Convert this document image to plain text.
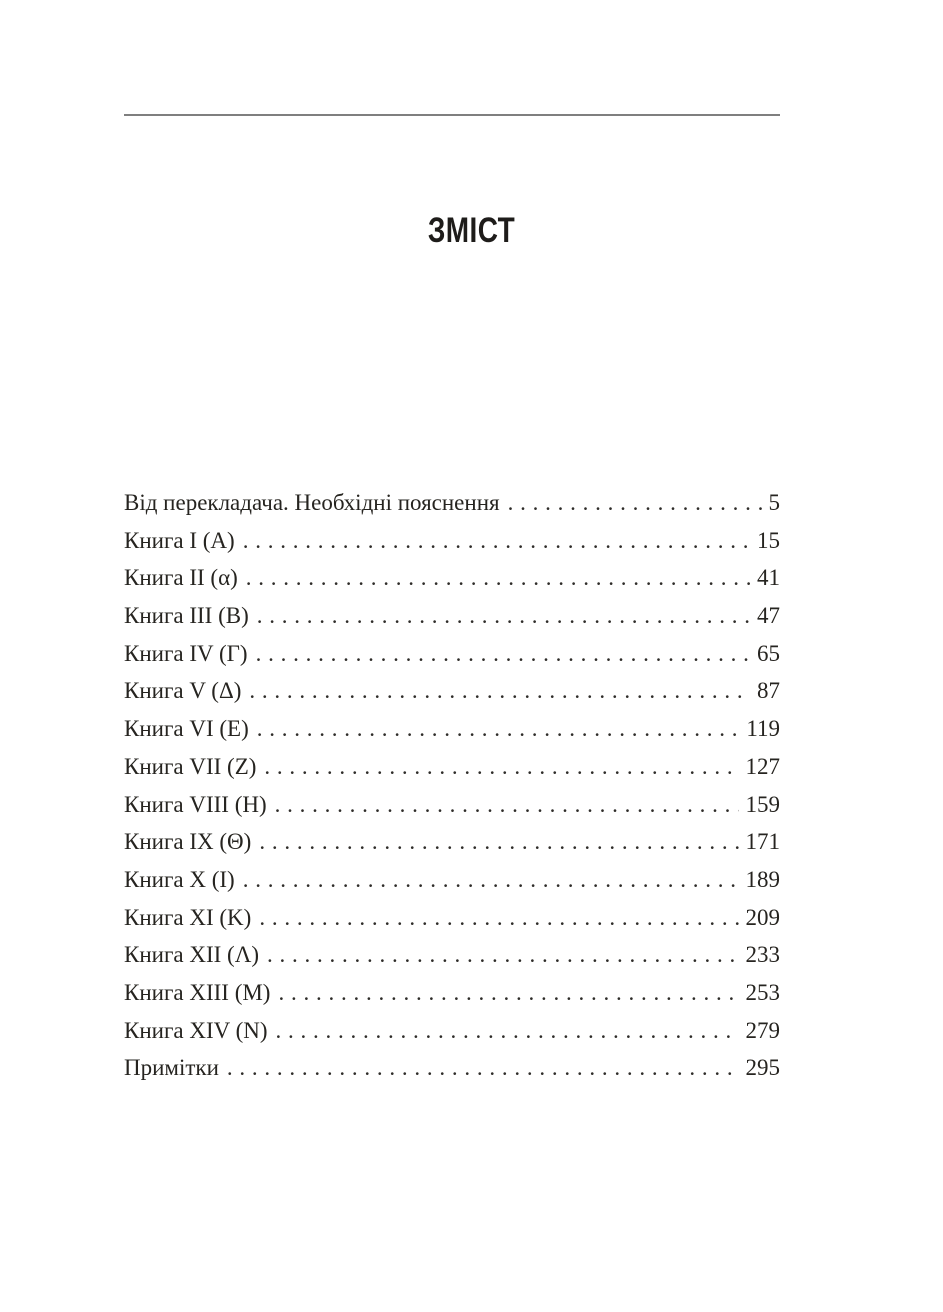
ЗМІСТ
Від перекладача. Необхідні пояснення . . .	5
Книга I (Α) . . .	15
Книга II (α) . . .	41
Книга III (Β) . . .	47
Книга IV (Γ) . . .	65
Книга V (Δ) . . .	87
Книга VI (Ε) . . .	119
Книга VII (Ζ) . . .	127
Книга VIII (Η) . . .	159
Книга IX (Θ) . . .	171
Книга X (Ι) . . .	189
Книга XI (Κ) . . .	209
Книга XII (Λ) . . .	233
Книга XIII (Μ) . . .	253
Книга XIV (Ν) . . .	279
Примітки . . .	295
